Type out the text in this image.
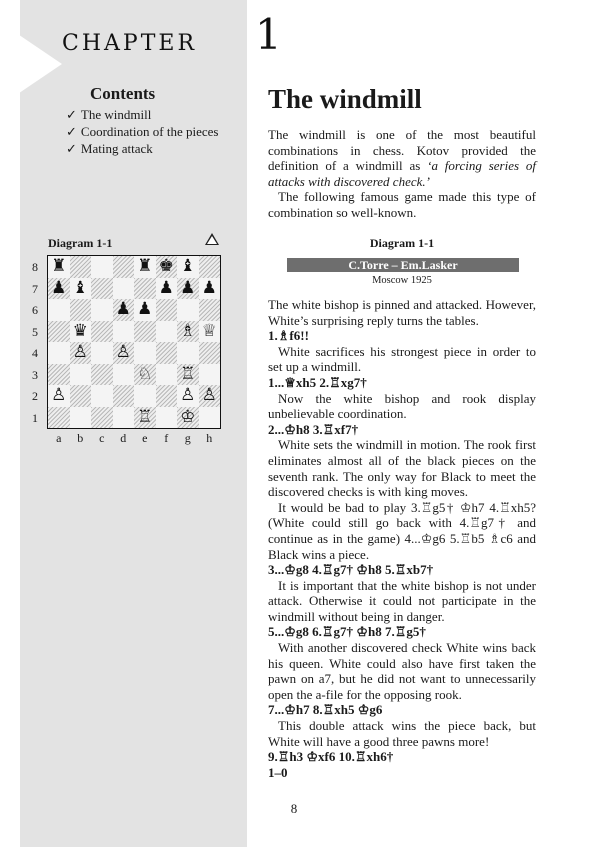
CHAPTER 1
Contents
✓ The windmill
✓ Coordination of the pieces
✓ Mating attack
The windmill

The windmill is one of the most beautiful combinations in chess. Kotov provided the definition of a windmill as ‘a forcing series of attacks with discovered check.’

The following famous game made this type of combination so well-known.

Diagram 1-1
8
7
6
5
4
3
2
1
♜	♜ ♚ ♝
♟ ♝	♟ ♟ ♟
♟ ♟
♛	♗ ♕
♙ ♙
♘ ♖
♙	♙ ♙
♖ ♔
a	b	c	d	e	f	g	h
Diagram 1-1
C.Torre – Em.Lasker
Moscow 1925

The white bishop is pinned and attacked. However, White’s surprising reply turns the tables.

1.♗f6!!

White sacrifices his strongest piece in order to set up a windmill.

1...♕xh5 2.♖xg7†

Now the white bishop and rook display unbelievable coordination.

2...♔h8 3.♖xf7†

White sets the windmill in motion. The rook first eliminates almost all of the black pieces on the seventh rank. The only way for Black to meet the discovered checks is with king moves.

It would be bad to play 3.♖g5† ♔h7 4.♖xh5? (White could still go back with 4.♖g7† and continue as in the game) 4...♔g6 5.♖b5 ♗c6 and Black wins a piece.

3...♔g8 4.♖g7† ♔h8 5.♖xb7†

It is important that the white bishop is not under attack. Otherwise it could not participate in the windmill without being in danger.

5...♔g8 6.♖g7† ♔h8 7.♖g5†

With another discovered check White wins back his queen. White could also have first taken the pawn on a7, but he did not want to unnecessarily open the a-file for the opposing rook.

7...♔h7 8.♖xh5 ♔g6

This double attack wins the piece back, but White will have a good three pawns more!

9.♖h3 ♔xf6 10.♖xh6†

1–0

8
